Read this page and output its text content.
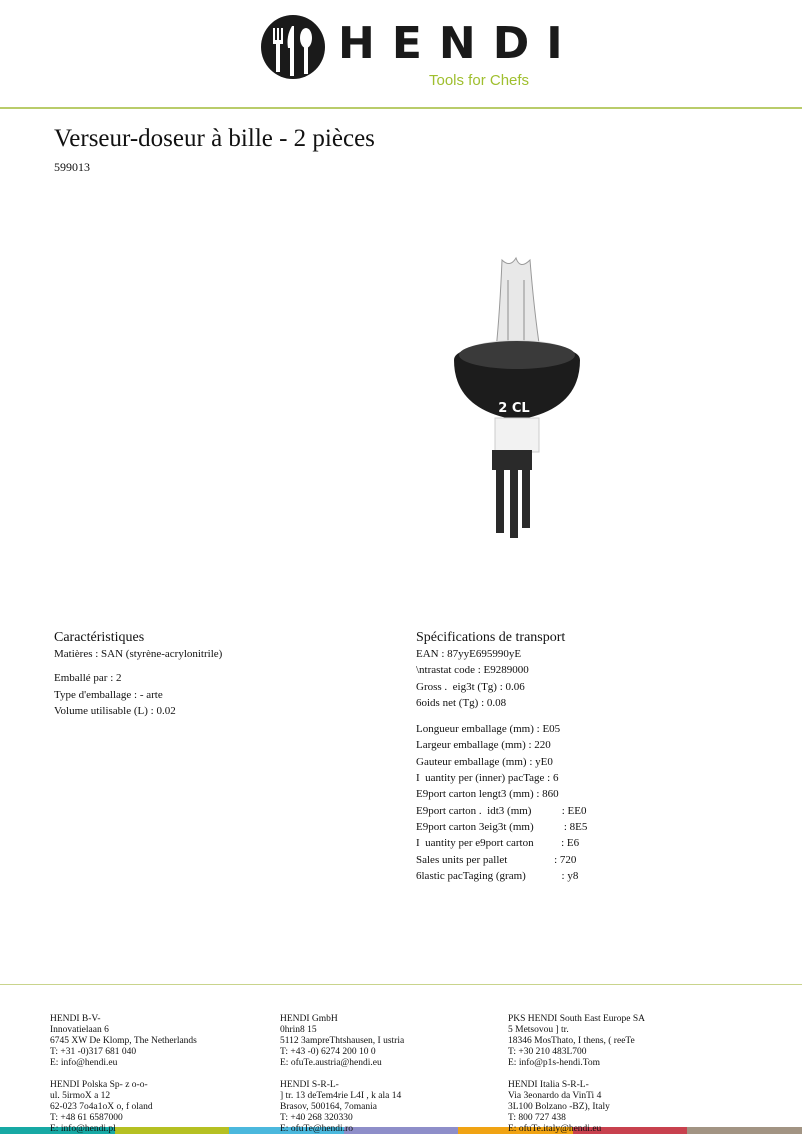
HENDI
Tools for Chefs
Verseur-doseur à bille - 2 pièces
599013
2 CL
Caractéristiques
Matières : SAN (styrène-acrylonitrile)
Emballé par : 2
Type d'emballage : - arte
Volume utilisable (L) : 0.02
Spécifications de transport
EAN : 87yyE695990yE
\ntrastat code : E9289000
Gross .  eig3t (Tg) : 0.06
6oids net (Tg) : 0.08
Longueur emballage (mm) : E05
Largeur emballage (mm) : 220
Gauteur emballage (mm) : yE0
I  uantity per (inner) pacTage : 6
E9port carton lengt3 (mm) : 860
E9port carton .  idt3 (mm)           : EE0
E9port carton 3eig3t (mm)           : 8E5
I  uantity per e9port carton          : E6
Sales units per pallet                 : 720
6lastic pacTaging (gram)             : y8

HENDI B-V-
Innovatielaan 6
6745 XW De Klomp, The Netherlands
T: +31 -0)317 681 040
E: info@hendi.eu

HENDI GmbH
0hrin8 15
5112 3ampreThtshausen, I ustria
T: +43 -0) 6274 200 10 0
E: ofuTe.austria@hendi.eu

PKS HENDI South East Europe SA
5 Metsovou ] tr.
18346 MosThato, I thens, ( reeTe
T: +30 210 483L700
E: info@p1s-hendi.Tom

HENDI Polska Sp- z o-o-
ul. 5irmoX a 12
62-023 7o4a1oX o, f oland
T: +48 61 6587000
E: info@hendi.pl

HENDI S-R-L-
] tr. 13 deTem4rie L4I , k ala 14
Brasov, 500164, 7omania
T: +40 268 320330
E: ofuTe@hendi.ro

HENDI Italia S-R-L-
Via 3eonardo da VinTi 4
3L100 Bolzano -BZ), Italy
T: 800 727 438
E: ofuTe.italy@hendi.eu
